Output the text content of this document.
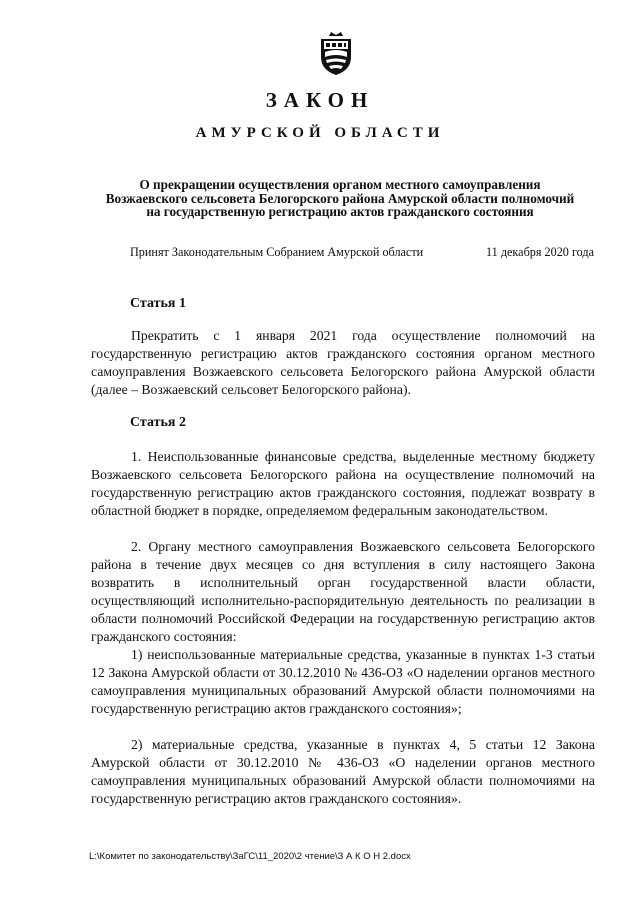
ЗАКОН
АМУРСКОЙ ОБЛАСТИ
О прекращении осуществления органом местного самоуправления Возжаевского сельсовета Белогорского района Амурской области полномочий на государственную регистрацию актов гражданского состояния
Принят Законодательным Собранием Амурской области	11 декабря 2020 года
Статья 1

Прекратить с 1 января 2021 года осуществление полномочий на государственную регистрацию актов гражданского состояния органом местного самоуправления Возжаевского сельсовета Белогорского района Амурской области (далее – Возжаевский сельсовет Белогорского района).

Статья 2

1. Неиспользованные финансовые средства, выделенные местному бюджету Возжаевского сельсовета Белогорского района на осуществление полномочий на государственную регистрацию актов гражданского состояния, подлежат возврату в областной бюджет в порядке, определяемом федеральным законодательством.

2. Органу местного самоуправления Возжаевского сельсовета Белогорского района в течение двух месяцев со дня вступления в силу настоящего Закона возвратить в исполнительный орган государственной власти области, осуществляющий исполнительно-распорядительную деятельность по реализации в области полномочий Российской Федерации на государственную регистрацию актов гражданского состояния:

1) неиспользованные материальные средства, указанные в пунктах 1-3 статьи 12 Закона Амурской области от 30.12.2010 № 436-ОЗ «О наделении органов местного самоуправления муниципальных образований Амурской области полномочиями на государственную регистрацию актов гражданского состояния»;

2) материальные средства, указанные в пунктах 4, 5 статьи 12 Закона Амурской области от 30.12.2010 № 436-ОЗ «О наделении органов местного самоуправления муниципальных образований Амурской области полномочиями на государственную регистрацию актов гражданского состояния».

L:\Комитет по законодательству\ЗаГС\11_2020\2 чтение\З А К О Н 2.docx
